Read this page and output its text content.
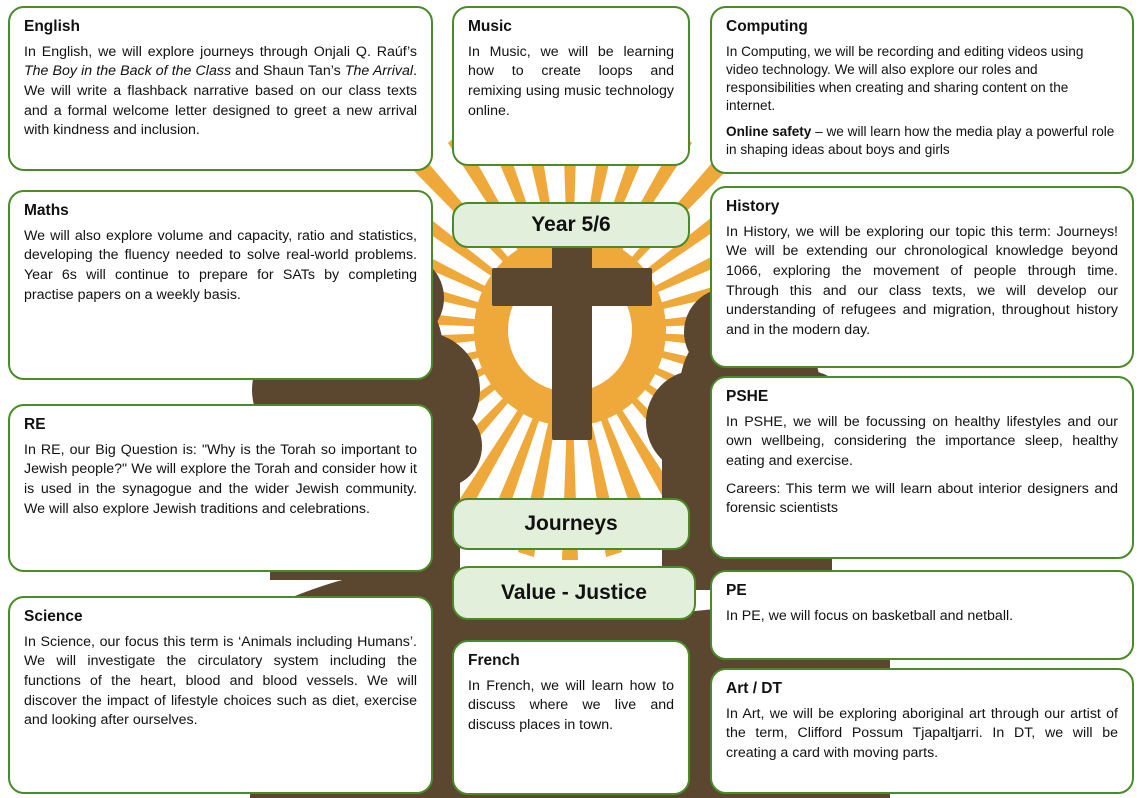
English

In English, we will explore journeys through Onjali Q. Raúf’s The Boy in the Back of the Class and Shaun Tan’s The Arrival. We will write a flashback narrative based on our class texts and a formal welcome letter designed to greet a new arrival with kindness and inclusion.

Maths

We will also explore volume and capacity, ratio and statistics, developing the fluency needed to solve real-world problems. Year 6s will continue to prepare for SATs by completing practise papers on a weekly basis.

RE

In RE, our Big Question is: "Why is the Torah so important to Jewish people?" We will explore the Torah and consider how it is used in the synagogue and the wider Jewish community. We will also explore Jewish traditions and celebrations.

Science

In Science, our focus this term is ‘Animals including Humans’. We will investigate the circulatory system including the functions of the heart, blood and blood vessels. We will discover the impact of lifestyle choices such as diet, exercise and looking after ourselves.

Music

In Music, we will be learning how to create loops and remixing using music technology online.

Year 5/6
Journeys
Value - Justice
French

In French, we will learn how to discuss where we live and discuss places in town.

Computing

In Computing, we will be recording and editing videos using video technology. We will also explore our roles and responsibilities when creating and sharing content on the internet.

Online safety – we will learn how the media play a powerful role in shaping ideas about boys and girls

History

In History, we will be exploring our topic this term: Journeys! We will be extending our chronological knowledge beyond 1066, exploring the movement of people through time. Through this and our class texts, we will develop our understanding of refugees and migration, throughout history and in the modern day.

PSHE

In PSHE, we will be focussing on healthy lifestyles and our own wellbeing, considering the importance sleep, healthy eating and exercise.

Careers: This term we will learn about interior designers and forensic scientists

PE

In PE, we will focus on basketball and netball.

Art / DT

In Art, we will be exploring aboriginal art through our artist of the term, Clifford Possum Tjapaltjarri. In DT, we will be creating a card with moving parts.
